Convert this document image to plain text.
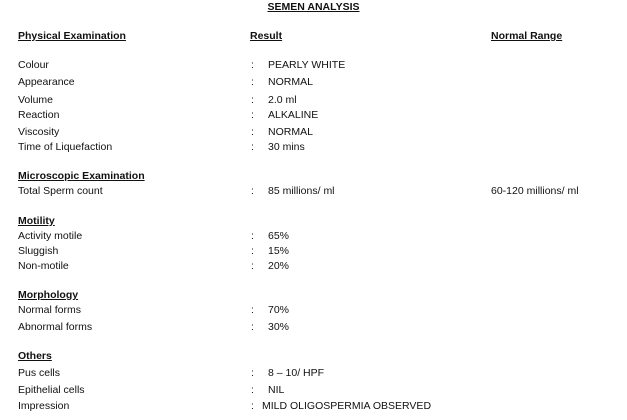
SEMEN ANALYSIS
Physical Examination	Result	Normal Range
Colour	: PEARLY WHITE
Appearance	: NORMAL
Volume	: 2.0 ml
Reaction	: ALKALINE
Viscosity	: NORMAL
Time of Liquefaction	: 30 mins
Microscopic Examination
Total Sperm count	: 85 millions/ ml	60-120 millions/ ml
Motility
Activity motile	: 65%
Sluggish	: 15%
Non-motile	: 20%
Morphology
Normal forms	: 70%
Abnormal forms	: 30%
Others
Pus cells	: 8 – 10/ HPF
Epithelial cells	: NIL
Impression	: MILD OLIGOSPERMIA OBSERVED
